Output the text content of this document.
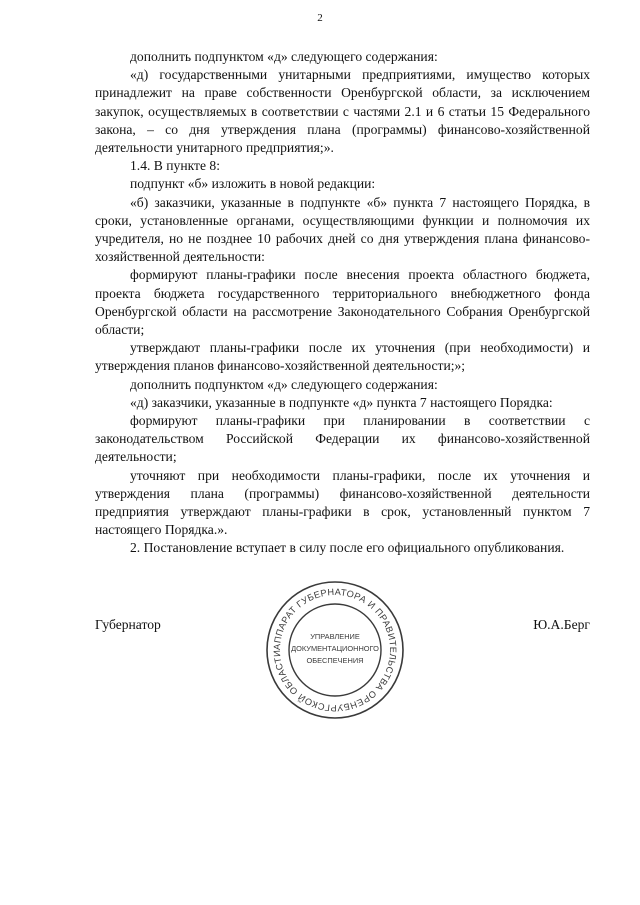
2

дополнить подпунктом «д» следующего содержания:

«д) государственными унитарными предприятиями, имущество которых принадлежит на праве собственности Оренбургской области, за исключением закупок, осуществляемых в соответствии с частями 2.1 и 6 статьи 15 Федерального закона, – со дня утверждения плана (программы) финансово-хозяйственной деятельности унитарного предприятия;».

1.4. В пункте 8:

подпункт «б» изложить в новой редакции:

«б) заказчики, указанные в подпункте «б» пункта 7 настоящего Порядка, в сроки, установленные органами, осуществляющими функции и полномочия их учредителя, но не позднее 10 рабочих дней со дня утверждения плана финансово-хозяйственной деятельности:

формируют планы-графики после внесения проекта областного бюджета, проекта бюджета государственного территориального внебюджетного фонда Оренбургской области на рассмотрение Законодательного Собрания Оренбургской области;

утверждают планы-графики после их уточнения (при необходимости) и утверждения планов финансово-хозяйственной деятельности;»;

дополнить подпунктом «д» следующего содержания:

«д) заказчики, указанные в подпункте «д» пункта 7 настоящего Порядка:

формируют планы-графики при планировании в соответствии с законодательством Российской Федерации их финансово-хозяйственной деятельности;

уточняют при необходимости планы-графики, после их уточнения и утверждения плана (программы) финансово-хозяйственной деятельности предприятия утверждают планы-графики в срок, установленный пунктом 7 настоящего Порядка.».

2. Постановление вступает в силу после его официального опубликования.

Губернатор	Ю.А.Берг
АППАРАТ ГУБЕРНАТОРА И ПРАВИТЕЛЬСТВА ОРЕНБУРГСКОЙ ОБЛАСТИ
УПРАВЛЕНИЕ
ДОКУМЕНТАЦИОННОГО
ОБЕСПЕЧЕНИЯ
